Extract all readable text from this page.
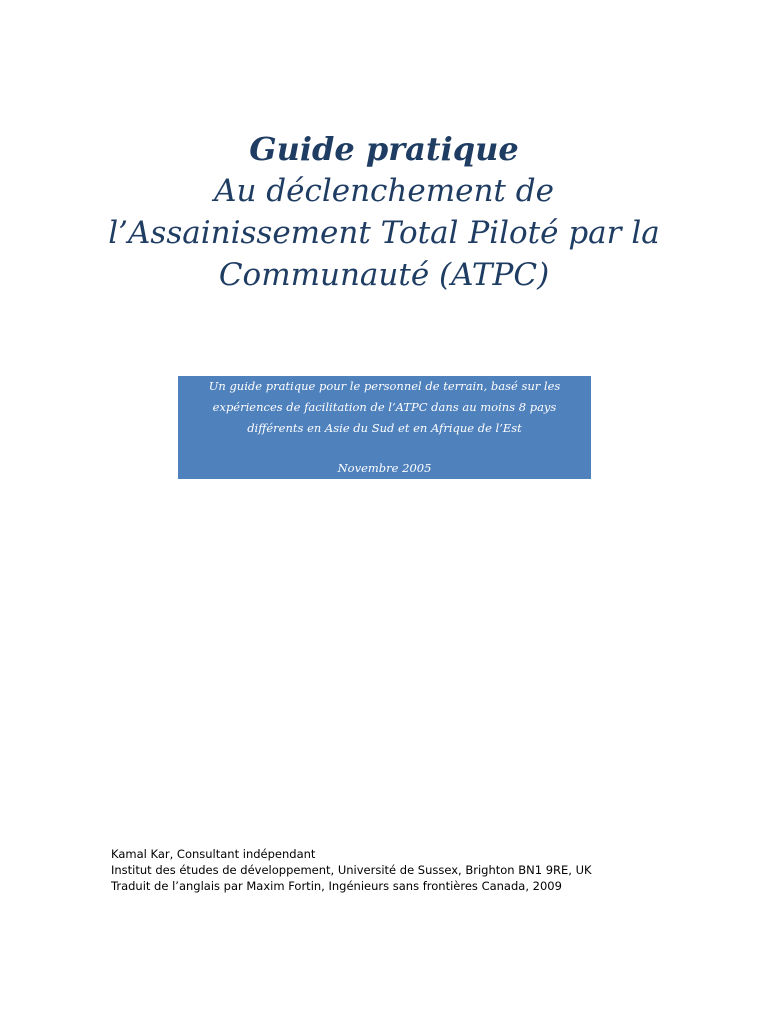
Guide pratique

Au déclenchement de

l’Assainissement Total Piloté par la

Communauté (ATPC)

Un guide pratique pour le personnel de terrain, basé sur les
expériences de facilitation de l’ATPC dans au moins 8 pays
différents en Asie du Sud et en Afrique de l’Est
Novembre 2005
Kamal Kar, Consultant indépendant
Institut des études de développement, Université de Sussex, Brighton BN1 9RE, UK
Traduit de l’anglais par Maxim Fortin, Ingénieurs sans frontières Canada, 2009
